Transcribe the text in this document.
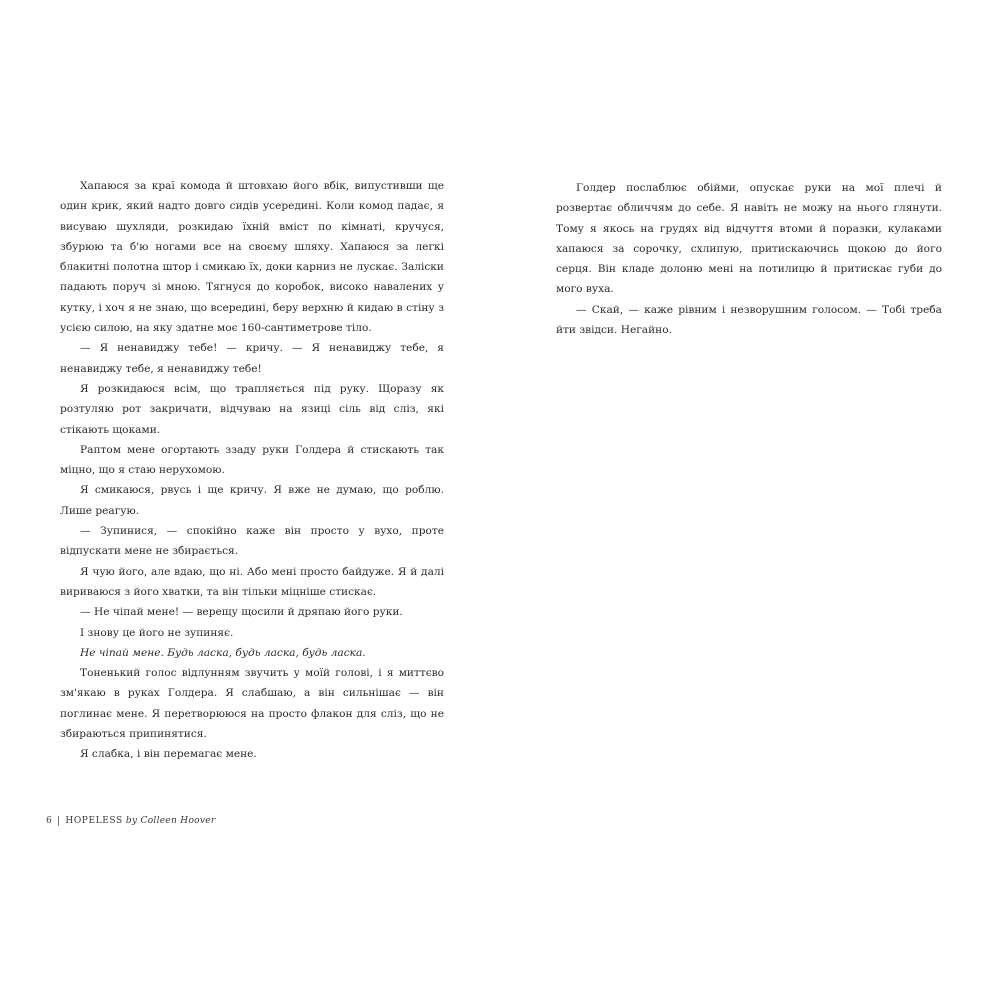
Хапаюся за краї комода й штовхаю його вбік, випустивши ще один крик, який надто довго сидів усередині. Коли комод падає, я висуваю шухляди, розкидаю їхній вміст по кімнаті, кручуся, збурюю та б'ю ногами все на своєму шляху. Хапаюся за легкі блакитні полотна штор і смикаю їх, доки карниз не лускає. Заліски падають поруч зі мною. Тягнуся до коробок, високо навалених у кутку, і хоч я не знаю, що всередині, беру верхню й кидаю в стіну з усією силою, на яку здатне моє 160-сантиметрове тіло.

— Я ненавиджу тебе! — кричу. — Я ненавиджу тебе, я ненавиджу тебе, я ненавиджу тебе!

Я розкидаюся всім, що трапляється під руку. Щоразу як розтуляю рот закричати, відчуваю на язиці сіль від сліз, які стікають щоками.

Раптом мене огортають ззаду руки Голдера й стискають так міцно, що я стаю нерухомою.

Я смикаюся, рвусь і ще кричу. Я вже не думаю, що роблю. Лише реагую.

— Зупинися, — спокійно каже він просто у вухо, проте відпускати мене не збирається.

Я чую його, але вдаю, що ні. Або мені просто байдуже. Я й далі вириваюся з його хватки, та він тільки міцніше стискає.

— Не чіпай мене! — верещу щосили й дряпаю його руки.

І знову це його не зупиняє.

Не чіпай мене. Будь ласка, будь ласка, будь ласка.

Тоненький голос відлунням звучить у моїй голові, і я миттєво зм'якаю в руках Голдера. Я слабшаю, а він сильнішає — він поглинає мене. Я перетворююся на просто флакон для сліз, що не збираються припинятися.

Я слабка, і він перемагає мене.

6 | HOPELESS by Colleen Hoover

Голдер послаблює обійми, опускає руки на мої плечі й розвертає обличчям до себе. Я навіть не можу на нього глянути. Тому я якось на грудях від відчуття втоми й поразки, кулаками хапаюся за сорочку, схлипую, притискаючись щокою до його серця. Він кладе долоню мені на потилицю й притискає губи до мого вуха.

— Скай, — каже рівним і незворушним голосом. — Тобі треба йти звідси. Негайно.
